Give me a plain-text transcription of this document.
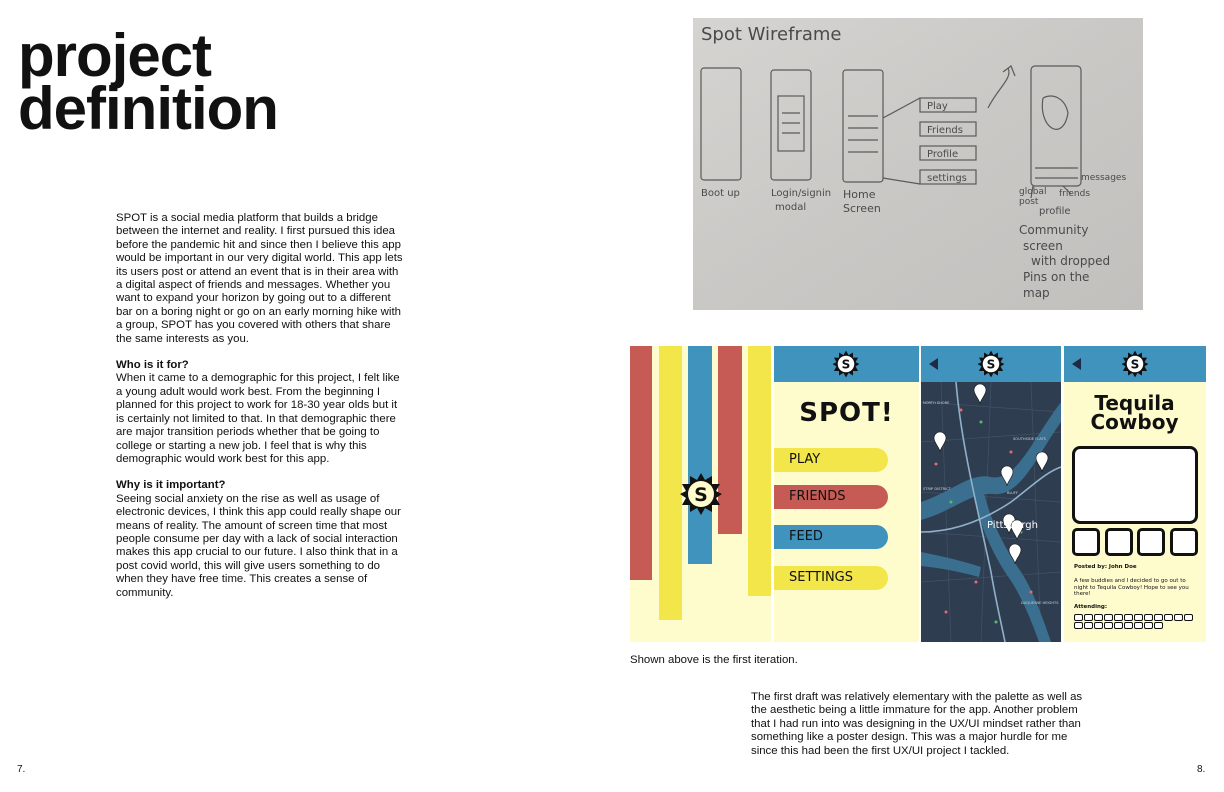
project
definition

SPOT is a social media platform that builds a bridge between the internet and reality. I first pursued this idea before the pandemic hit and since then I believe this app would be important in our very digital world. This app lets its users post or attend an event that is in their area with a digital aspect of friends and messages. Whether you want to expand your horizon by going out to a different bar on a boring night or go on an early morning hike with a group, SPOT has you covered with others that share the same interests as you.

Who is it for?

When it came to a demographic for this project, I felt like a young adult would work best. From the beginning I planned for this project to work for 18-30 year olds but it is certainly not limited to that. In that demographic there are major transition periods whether that be going to college or starting a new job. I feel that is why this demographic would work best for this app.

Why is it important?

Seeing social anxiety on the rise as well as usage of electronic devices, I think this app could really shape our means of reality. The amount of screen time that most people consume per day with a lack of social interaction makes this app crucial to our future. I also think that in a post covid world, this will give users something to do when they have free time. This creates a sense of community.

7.
Spot Wireframe
Boot up	Login/signin
modal
Home
Screen
Play
Friends
Profile
settings	messages
global
post
friends
profile
Community
screen
with dropped
Pins on the
map
S
S
SPOT!
PLAY
FRIENDS
FEED
SETTINGS
S
Pittsburgh
NORTH SHORE
SOUTHSIDE FLATS
STRIP DISTRICT
BLUFF
DUQUESNE HEIGHTS
S
Tequila
Cowboy
Posted by: John Doe
A few buddies and I decided to go out to night to Tequila Cowboy! Hope to see you there!
Attending:
Shown above is the first iteration.

The first draft was relatively elementary with the palette as well as the aesthetic being a little immature for the app. Another problem that I had run into was designing in the UX/UI mindset rather than something like a poster design. This was a major hurdle for me since this had been the first UX/UI project I tackled.

8.
